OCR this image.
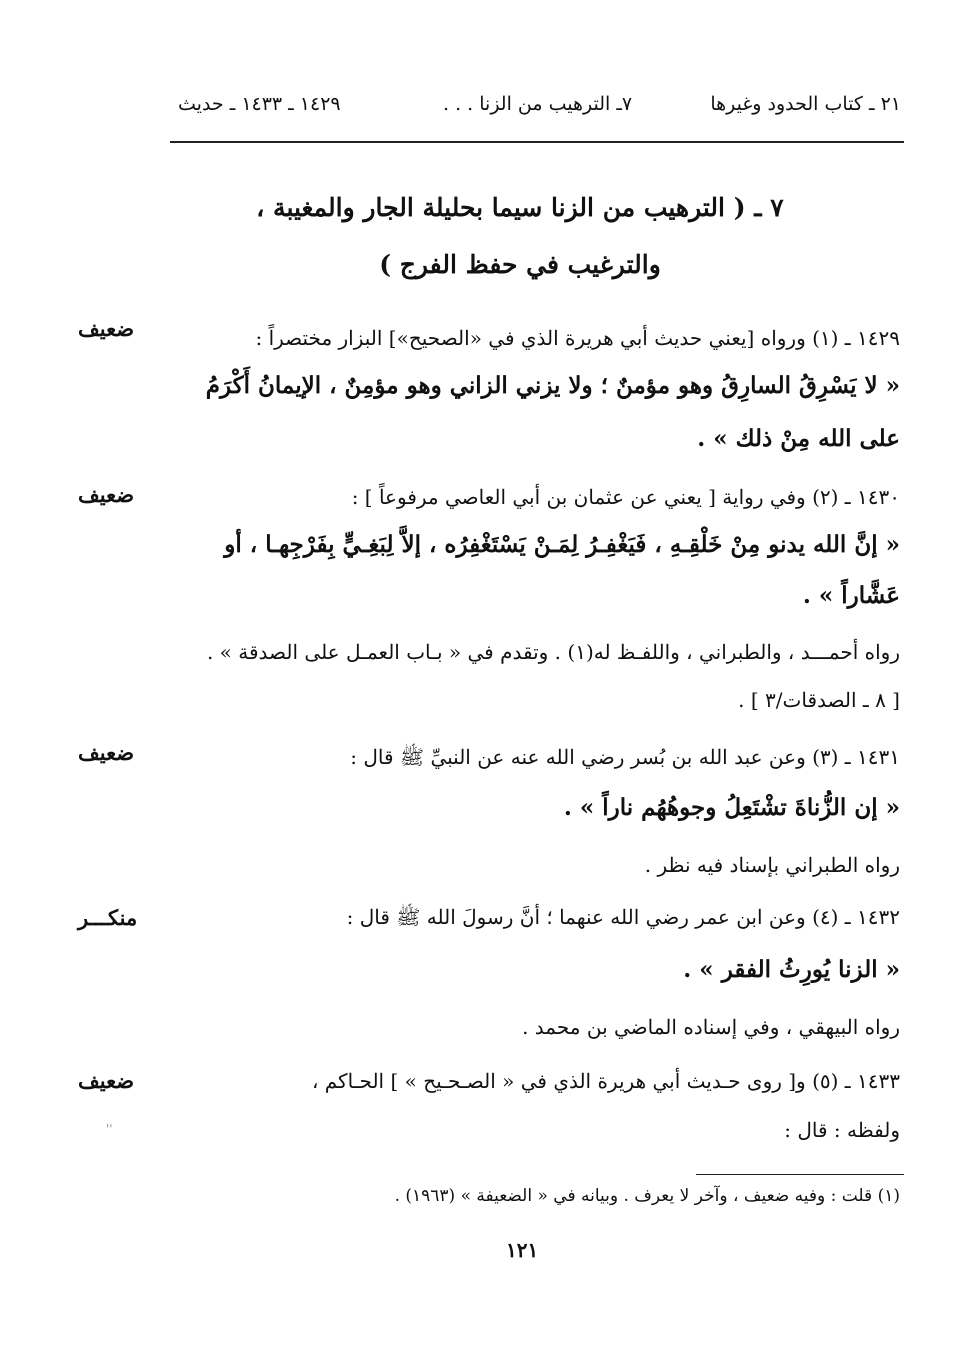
٢١ ـ كتاب الحدود وغيرها
٧ـ الترهيب من الزنا . . .
١٤٢٩ ـ ١٤٣٣ ـ حديث
٧ ـ ( الترهيب من الزنا سيما بحليلة الجار والمغيبة ،
والترغيب في حفظ الفرج )
ضعيف	١٤٢٩ ـ (١) ورواه [يعني حديث أبي هريرة الذي في «الصحيح»] البزار مختصراً :
« لا يَسْرِقُ السارِقُ وهو مؤمنٌ ؛ ولا يزني الزاني وهو مؤمِنٌ ، الإيمانُ أَكْرَمُ
على الله مِنْ ذلك » .
ضعيف	١٤٣٠ ـ (٢) وفي رواية [ يعني عن عثمان بن أبي العاصي مرفوعاً ] :
« إنَّ الله يدنو مِنْ خَلْقِـهِ ، فَيَغْفِـرُ لِمَـنْ يَسْتَغْفِرُه ، إلاَّ لِبَغِـيٍّ بِفَرْجِهـا ، أو
عَشَّاراً » .
رواه أحمـــد ، والطبراني ، واللفـظ له(١) . وتقدم في « بـاب العمـل على الصدقة » .
[ ٨ ـ الصدقات/٣ ] .
ضعيف	١٤٣١ ـ (٣) وعن عبد الله بن بُسر رضي الله عنه عن النبيِّ ﷺ قال :
« إن الزُّناةَ تشْتَعِلُ وجوهُهُم ناراً » .
رواه الطبراني بإسناد فيه نظر .
منكـــر	١٤٣٢ ـ (٤) وعن ابن عمر رضي الله عنهما ؛ أنَّ رسولَ الله ﷺ قال :
« الزنا يُورِثُ الفقر » .
رواه البيهقي ، وفي إسناده الماضي بن محمد .
ضعيف	١٤٣٣ ـ (٥) و[ روى حـديث أبي هريرة الذي في « الصـحـيح » ] الحـاكم ،
ولفظه : قال :
''
(١) قلت : وفيه ضعيف ، وآخر لا يعرف . وبيانه في « الضعيفة » (١٩٦٣) .
١٢١
